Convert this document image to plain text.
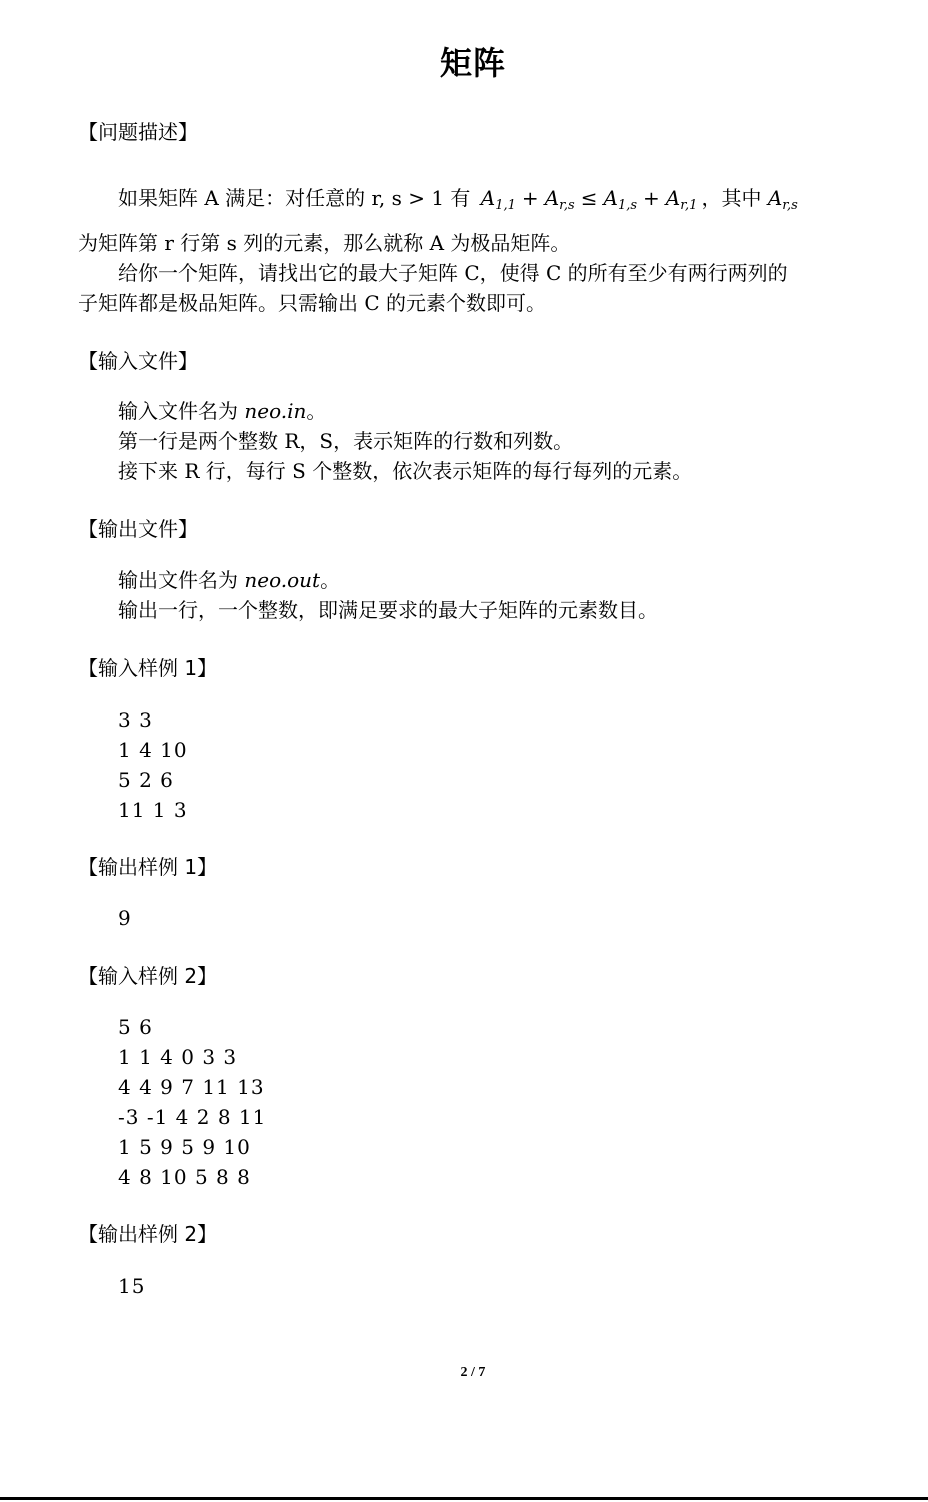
矩阵
【问题描述】
如果矩阵 A 满足：对任意的 r, s > 1 有 $A_{1,1} + A_{r,s} \le A_{1,s} + A_{r,1}$ ，其中 $A_{r,s}$
为矩阵第 r 行第 s 列的元素，那么就称 A 为极品矩阵。
给你一个矩阵，请找出它的最大子矩阵 C，使得 C 的所有至少有两行两列的
子矩阵都是极品矩阵。只需输出 C 的元素个数即可。
【输入文件】
输入文件名为 neo.in。
第一行是两个整数 R，S，表示矩阵的行数和列数。
接下来 R 行，每行 S 个整数，依次表示矩阵的每行每列的元素。
【输出文件】
输出文件名为 neo.out。
输出一行，一个整数，即满足要求的最大子矩阵的元素数目。
【输入样例 1】
3 3
1 4 10
5 2 6
11 1 3
【输出样例 1】
9
【输入样例 2】
5 6
1 1 4 0 3 3
4 4 9 7 11 13
-3 -1 4 2 8 11
1 5 9 5 9 10
4 8 10 5 8 8
【输出样例 2】
15
2 / 7
